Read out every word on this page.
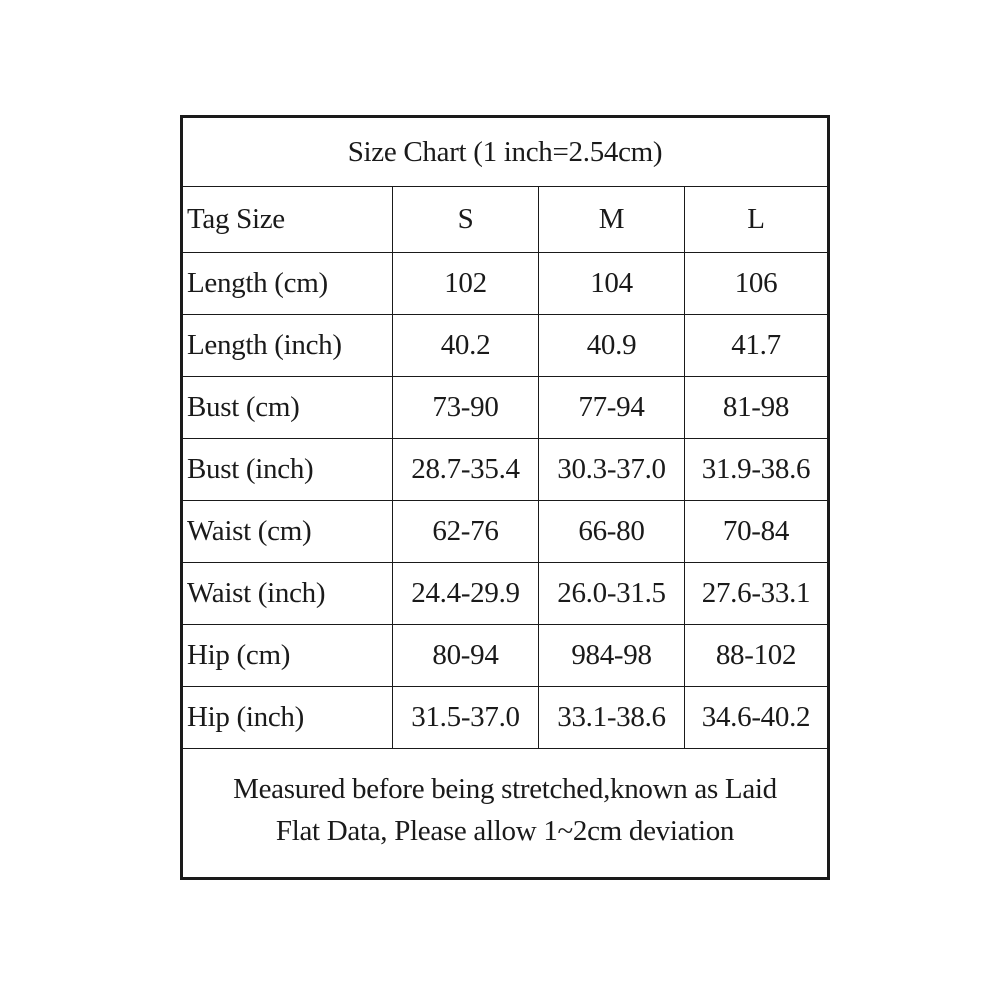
Size Chart (1 inch=2.54cm)
Tag Size	S	M	L
Length (cm)	102	104	106
Length (inch)	40.2	40.9	41.7
Bust (cm)	73-90	77-94	81-98
Bust (inch)	28.7-35.4	30.3-37.0	31.9-38.6
Waist (cm)	62-76	66-80	70-84
Waist (inch)	24.4-29.9	26.0-31.5	27.6-33.1
Hip (cm)	80-94	984-98	88-102
Hip (inch)	31.5-37.0	33.1-38.6	34.6-40.2
Measured before being stretched,known as Laid
Flat Data, Please allow 1~2cm deviation
